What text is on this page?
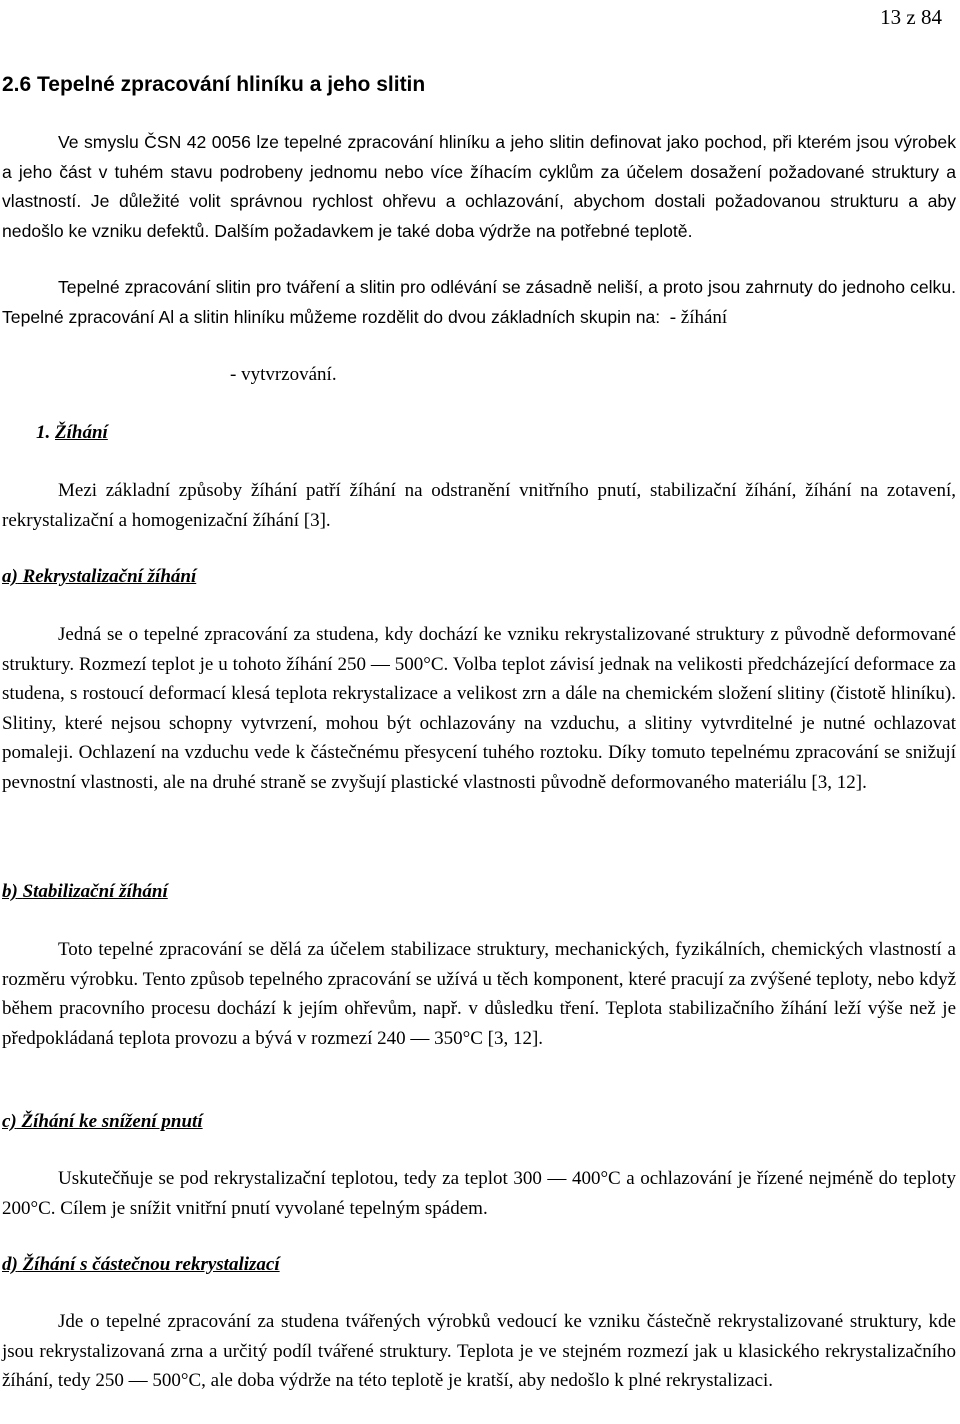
13 z 84
2.6 Tepelné zpracování hliníku a jeho slitin

Ve smyslu ČSN 42 0056 lze tepelné zpracování hliníku a jeho slitin definovat jako pochod, při kterém jsou výrobek a jeho část v tuhém stavu podrobeny jednomu nebo více žíhacím cyklům za účelem dosažení požadované struktury a vlastností. Je důležité volit správnou rychlost ohřevu a ochlazování, abychom dostali požadovanou strukturu a aby nedošlo ke vzniku defektů. Dalším požadavkem je také doba výdrže na potřebné teplotě.

Tepelné zpracování slitin pro tváření a slitin pro odlévání se zásadně neliší, a proto jsou zahrnuty do jednoho celku. Tepelné zpracování Al a slitin hliníku můžeme rozdělit do dvou základních skupin na:  - žíhání

- vytvrzování.
1. Žíhání

Mezi základní způsoby žíhání patří žíhání na odstranění vnitřního pnutí, stabilizační žíhání, žíhání na zotavení, rekrystalizační a homogenizační žíhání [3].

a) Rekrystalizační žíhání

Jedná se o tepelné zpracování za studena, kdy dochází ke vzniku rekrystalizované struktury z původně deformované struktury. Rozmezí teplot je u tohoto žíhání 250 — 500°C. Volba teplot závisí jednak na velikosti předcházející deformace za studena, s rostoucí deformací klesá teplota rekrystalizace a velikost zrn a dále na chemickém složení slitiny (čistotě hliníku). Slitiny, které nejsou schopny vytvrzení, mohou být ochlazovány na vzduchu, a slitiny vytvrditelné je nutné ochlazovat pomaleji. Ochlazení na vzduchu vede k částečnému přesycení tuhého roztoku. Díky tomuto tepelnému zpracování se snižují pevnostní vlastnosti, ale na druhé straně se zvyšují plastické vlastnosti původně deformovaného materiálu [3, 12].

b) Stabilizační žíhání

Toto tepelné zpracování se dělá za účelem stabilizace struktury, mechanických, fyzikálních, chemických vlastností a rozměru výrobku. Tento způsob tepelného zpracování se užívá u těch komponent, které pracují za zvýšené teploty, nebo když během pracovního procesu dochází k jejím ohřevům, např. v důsledku tření. Teplota stabilizačního žíhání leží výše než je předpokládaná teplota provozu a bývá v rozmezí 240 — 350°C [3, 12].

c) Žíhání ke snížení pnutí

Uskutečňuje se pod rekrystalizační teplotou, tedy za teplot 300 — 400°C a ochlazování je řízené nejméně do teploty 200°C. Cílem je snížit vnitřní pnutí vyvolané tepelným spádem.

d) Žíhání s částečnou rekrystalizací

Jde o tepelné zpracování za studena tvářených výrobků vedoucí ke vzniku částečně rekrystalizované struktury, kde jsou rekrystalizovaná zrna a určitý podíl tvářené struktury. Teplota je ve stejném rozmezí jak u klasického rekrystalizačního žíhání, tedy 250 — 500°C, ale doba výdrže na této teplotě je kratší, aby nedošlo k plné rekrystalizaci.
